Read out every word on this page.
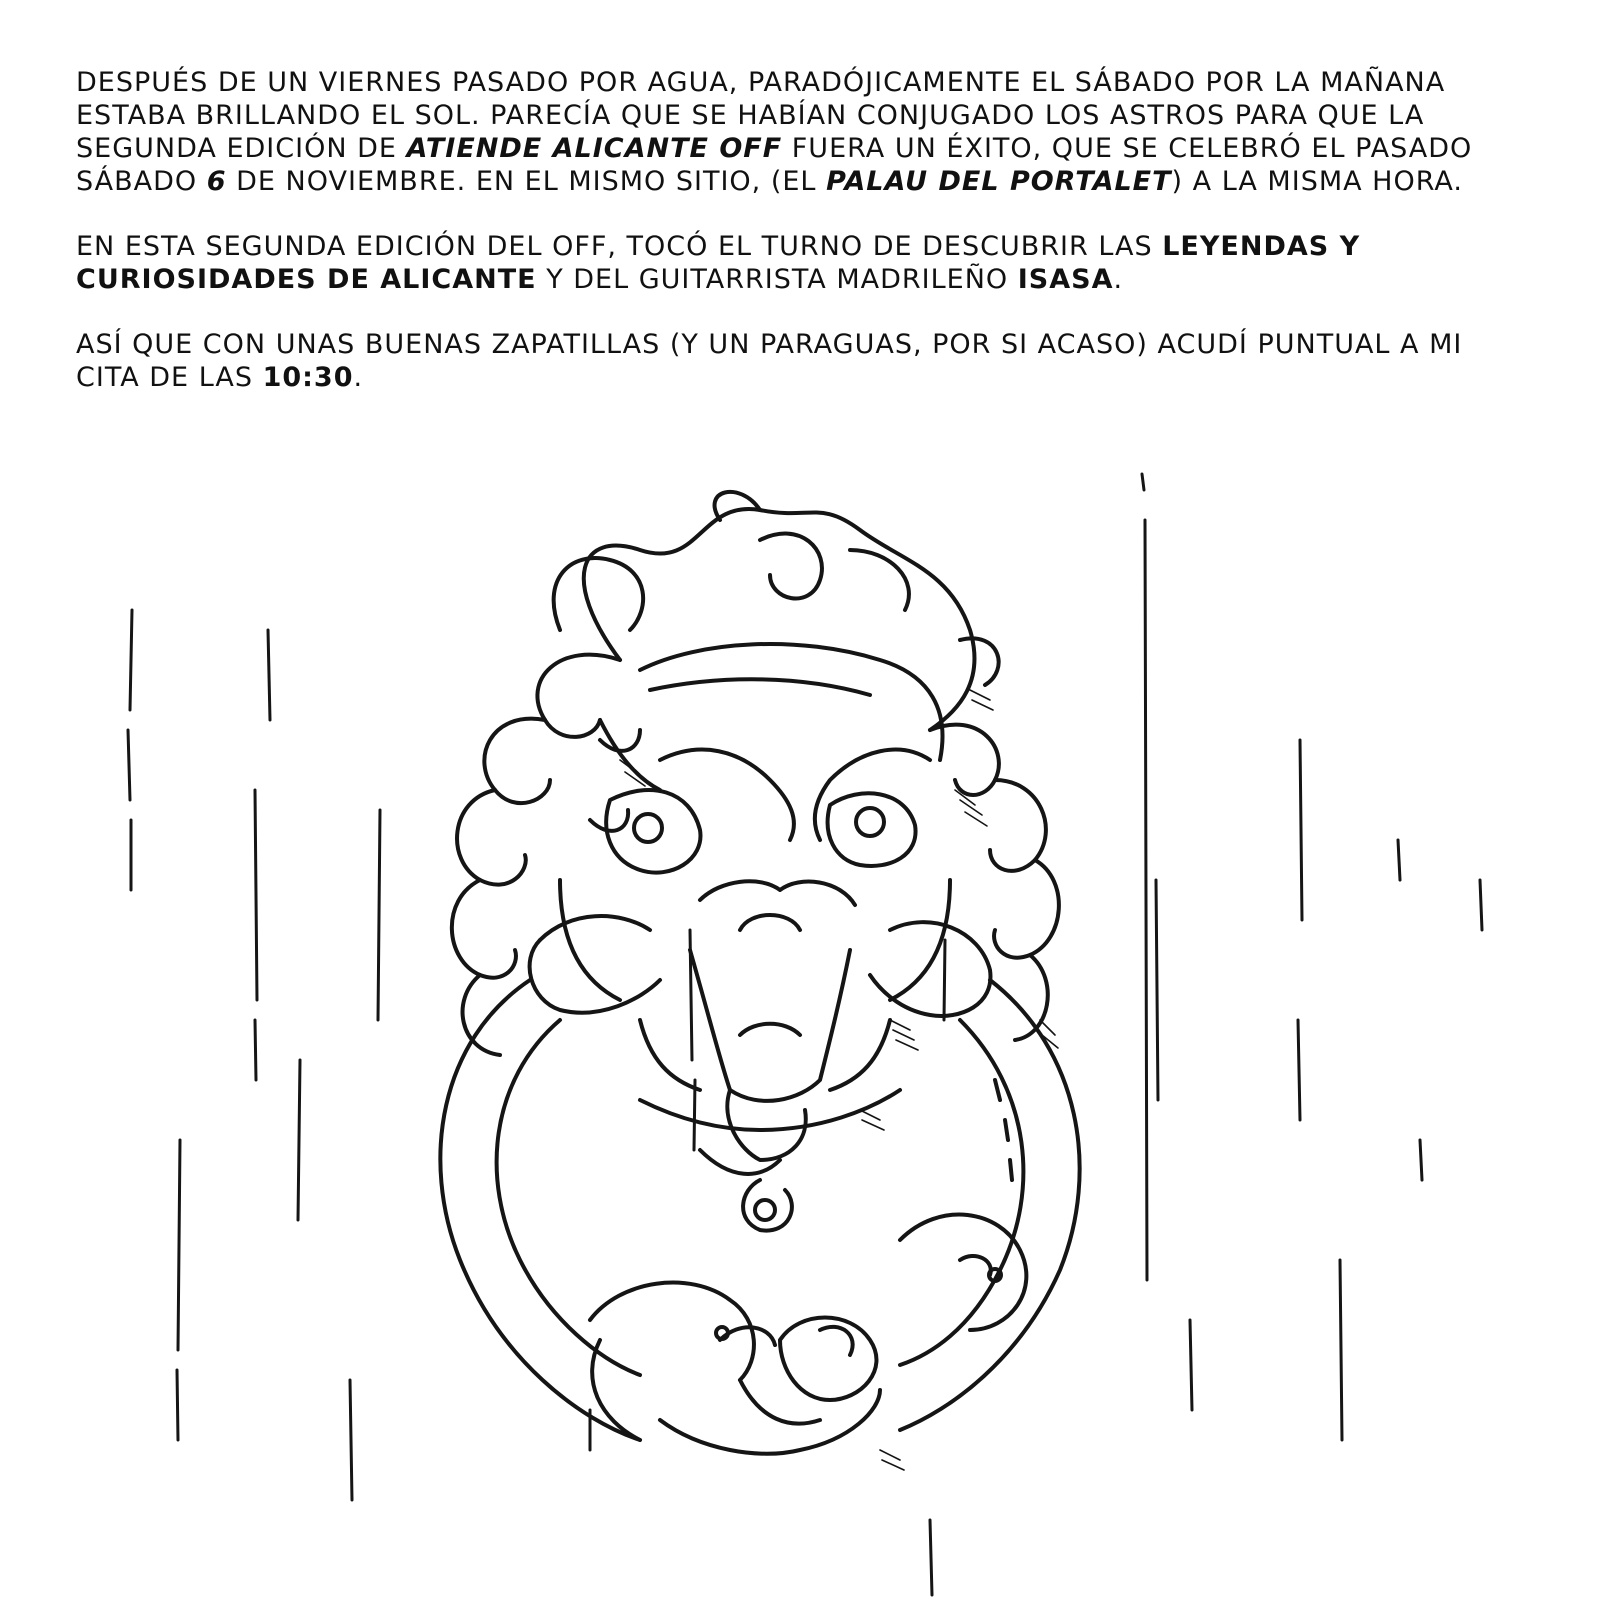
DESPUÉS DE UN VIERNES PASADO POR AGUA, PARADÓJICAMENTE EL SÁBADO POR LA MAÑANA ESTABA BRILLANDO EL SOL. PARECÍA QUE SE HABÍAN CONJUGADO LOS ASTROS PARA QUE LA SEGUNDA EDICIÓN DE ATIENDE ALICANTE OFF FUERA UN ÉXITO, QUE SE CELEBRÓ EL PASADO SÁBADO 6 DE NOVIEMBRE. EN EL MISMO SITIO, (EL PALAU DEL PORTALET) A LA MISMA HORA.

EN ESTA SEGUNDA EDICIÓN DEL OFF, TOCÓ EL TURNO DE DESCUBRIR LAS LEYENDAS Y CURIOSIDADES DE ALICANTE Y DEL GUITARRISTA MADRILEÑO ISASA.

ASÍ QUE CON UNAS BUENAS ZAPATILLAS (Y UN PARAGUAS, POR SI ACASO) ACUDÍ PUNTUAL A MI CITA DE LAS 10:30.
